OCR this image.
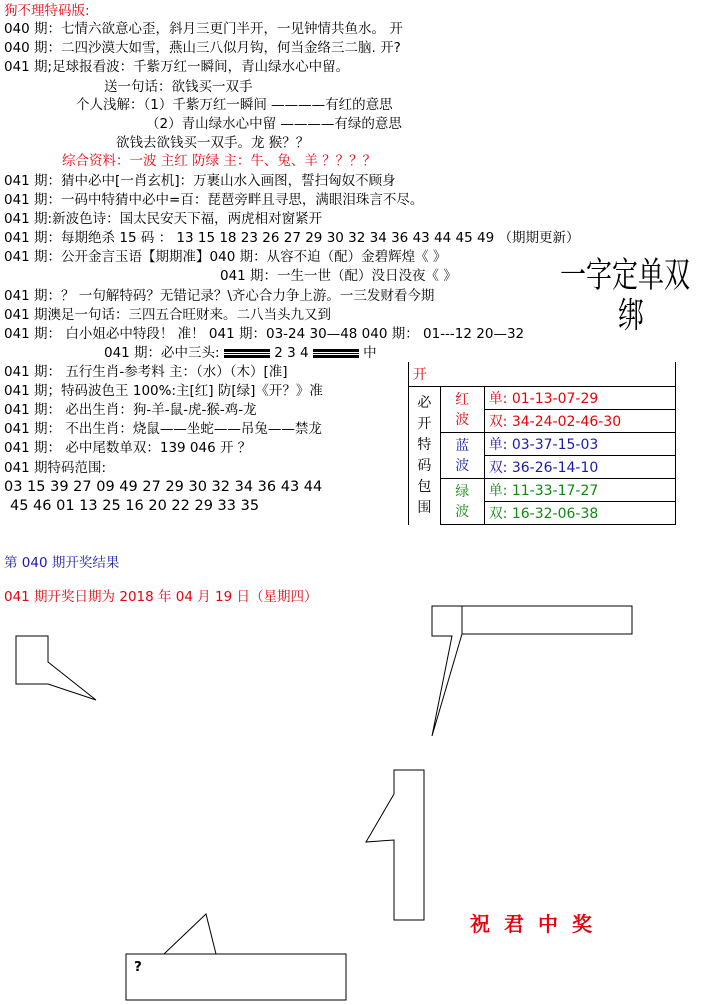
狗不理特码版:
040 期：七情六欲意心歪，斜月三更门半开，一见钟情共鱼水。 开
040 期：二四沙漠大如雪，燕山三八似月钩，何当金络三二脑. 开?
041 期;足球报看波：千紫万红一瞬间，青山绿水心中留。
送一句话：欲钱买一双手
个人浅解：（1）千紫万红一瞬间 ————有红的意思
（2）青山绿水心中留 ————有绿的意思
欲钱去欲钱买一双手。龙 猴？？
综合资料：一波 主红 防绿 主：牛、兔、羊 ？？？？
041 期：猜中必中[一肖玄机]：万裹山水入画图，誓扫匈奴不顾身
041 期：一码中特猜中必中=百：琵琶旁畔且寻思，满眼泪珠言不尽。
041 期:新波色诗：国太民安天下福，两虎相对窗紧开
041 期：每期绝杀 15 码 ： 13 15 18 23 26 27 29 30 32 34 36 43 44 45 49 （期期更新）
041 期：公开金言玉语【期期准】040 期：从容不迫（配）金碧辉煌《 》
041 期：一生一世（配）没日没夜《 》
041 期：？ 一句解特码？无错记录？\齐心合力争上游。一三发财看今期
041 期澳足一句话：三四五合旺财来。二八当头九又到
041 期： 白小姐必中特段！ 准！ 041 期：03-24 30—48 040 期： 01---12 20—32
041 期：必中三头:	2 3 4	中
041 期： 五行生肖-参考料 主：（水）（木）[准]
041 期；特码波色王 100%:主[红] 防[绿]《开？》准
041 期： 必出生肖：狗-羊-鼠-虎-猴-鸡-龙
041 期： 不出生肖：烧鼠——坐蛇——吊兔——禁龙
041 期： 必中尾数单双：139 046 开 ？
041 期特码范围:
03 15 39 27 09 49 27 29 30 32 34 36 43 44
45 46 01 13 25 16 20 22 29 33 35
一字定单双
绑
开		

必开特码包围	红波	单: 01-13-07-29
		双: 34-24-02-46-30

	蓝波	单: 03-37-15-03
		双: 36-26-14-10

	绿波	单: 11-33-17-27
		双: 16-32-06-38
第 040 期开奖结果
041 期开奖日期为 2018 年 04 月 19 日（星期四）
?
祝君中奖
